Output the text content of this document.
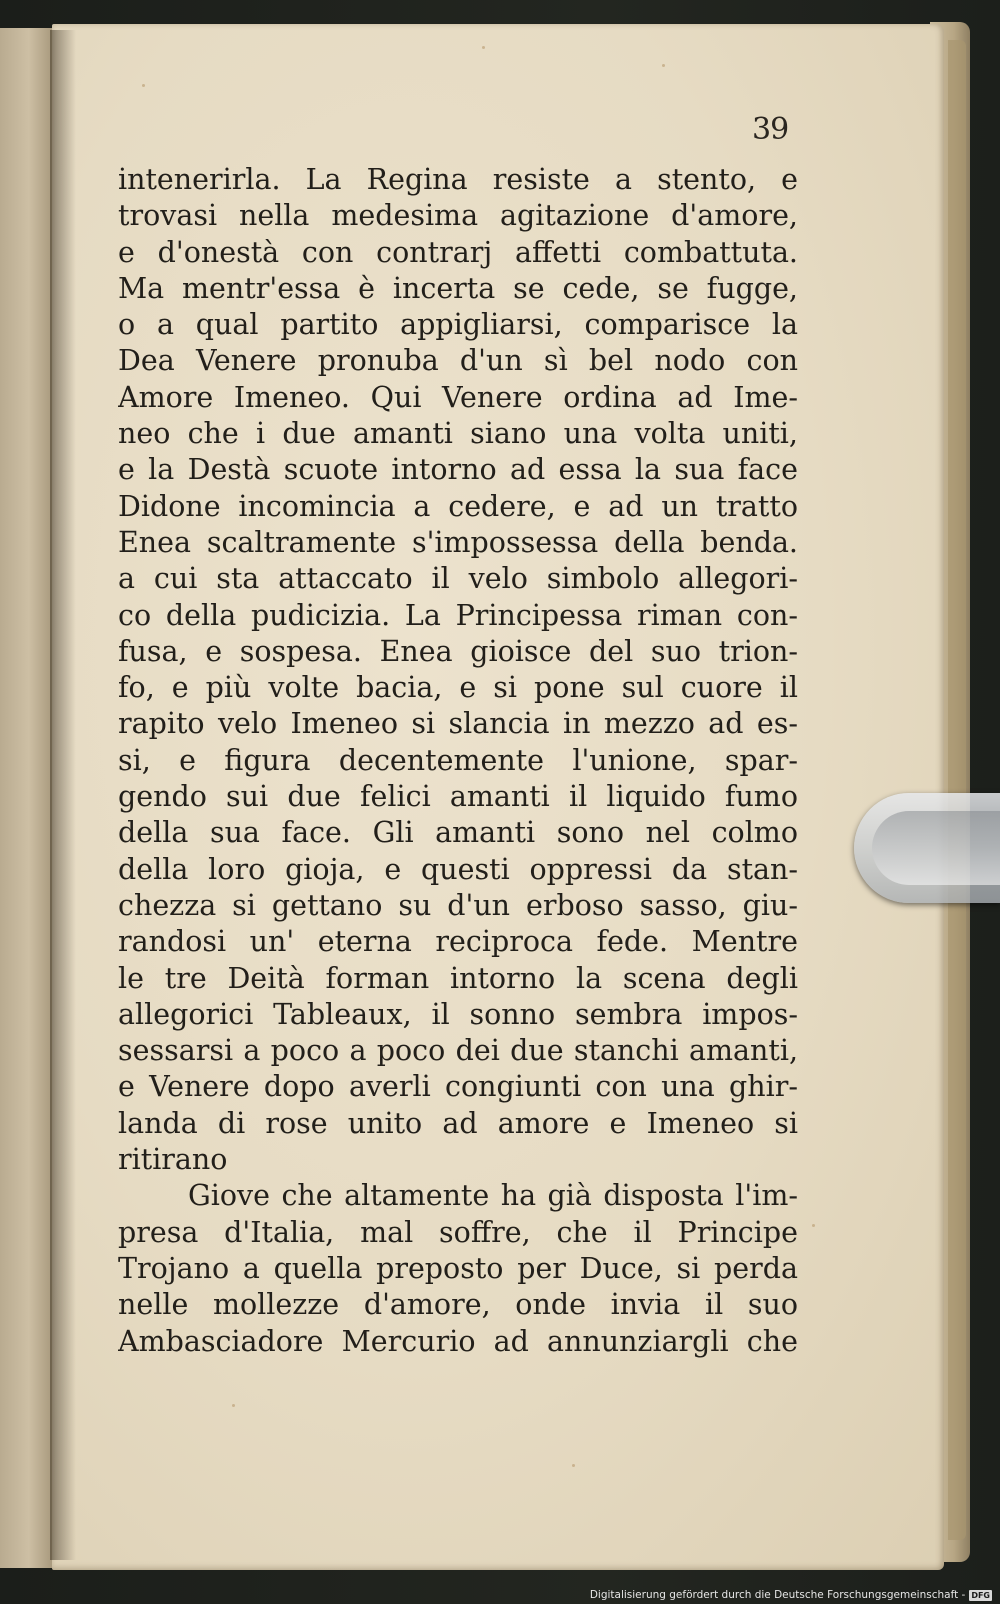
39
intenerirla. La Regina resiste a stento, e
trovasi nella medesima agitazione d'amore,
e d'onestà con contrarj affetti combattuta.
Ma mentr'essa è incerta se cede, se fugge,
o a qual partito appigliarsi, comparisce la
Dea Venere pronuba d'un sì bel nodo con
Amore Imeneo. Qui Venere ordina ad Ime-
neo che i due amanti siano una volta uniti,
e la Destà scuote intorno ad essa la sua face
Didone incomincia a cedere, e ad un tratto
Enea scaltramente s'impossessa della benda.
a cui sta attaccato il velo simbolo allegori-
co della pudicizia. La Principessa riman con-
fusa, e sospesa. Enea gioisce del suo trion-
fo, e più volte bacia, e si pone sul cuore il
rapito velo Imeneo si slancia in mezzo ad es-
si, e figura decentemente l'unione, spar-
gendo sui due felici amanti il liquido fumo
della sua face. Gli amanti sono nel colmo
della loro gioja, e questi oppressi da stan-
chezza si gettano su d'un erboso sasso, giu-
randosi un' eterna reciproca fede. Mentre
le tre Deità forman intorno la scena degli
allegorici Tableaux, il sonno sembra impos-
sessarsi a poco a poco dei due stanchi amanti,
e Venere dopo averli congiunti con una ghir-
landa di rose unito ad amore e Imeneo si
ritirano
Giove che altamente ha già disposta l'im-
presa d'Italia, mal soffre, che il Principe
Trojano a quella preposto per Duce, si perda
nelle mollezze d'amore, onde invia il suo
Ambasciadore Mercurio ad annunziargli che
Digitalisierung gefördert durch die Deutsche Forschungsgemeinschaft - DFG
